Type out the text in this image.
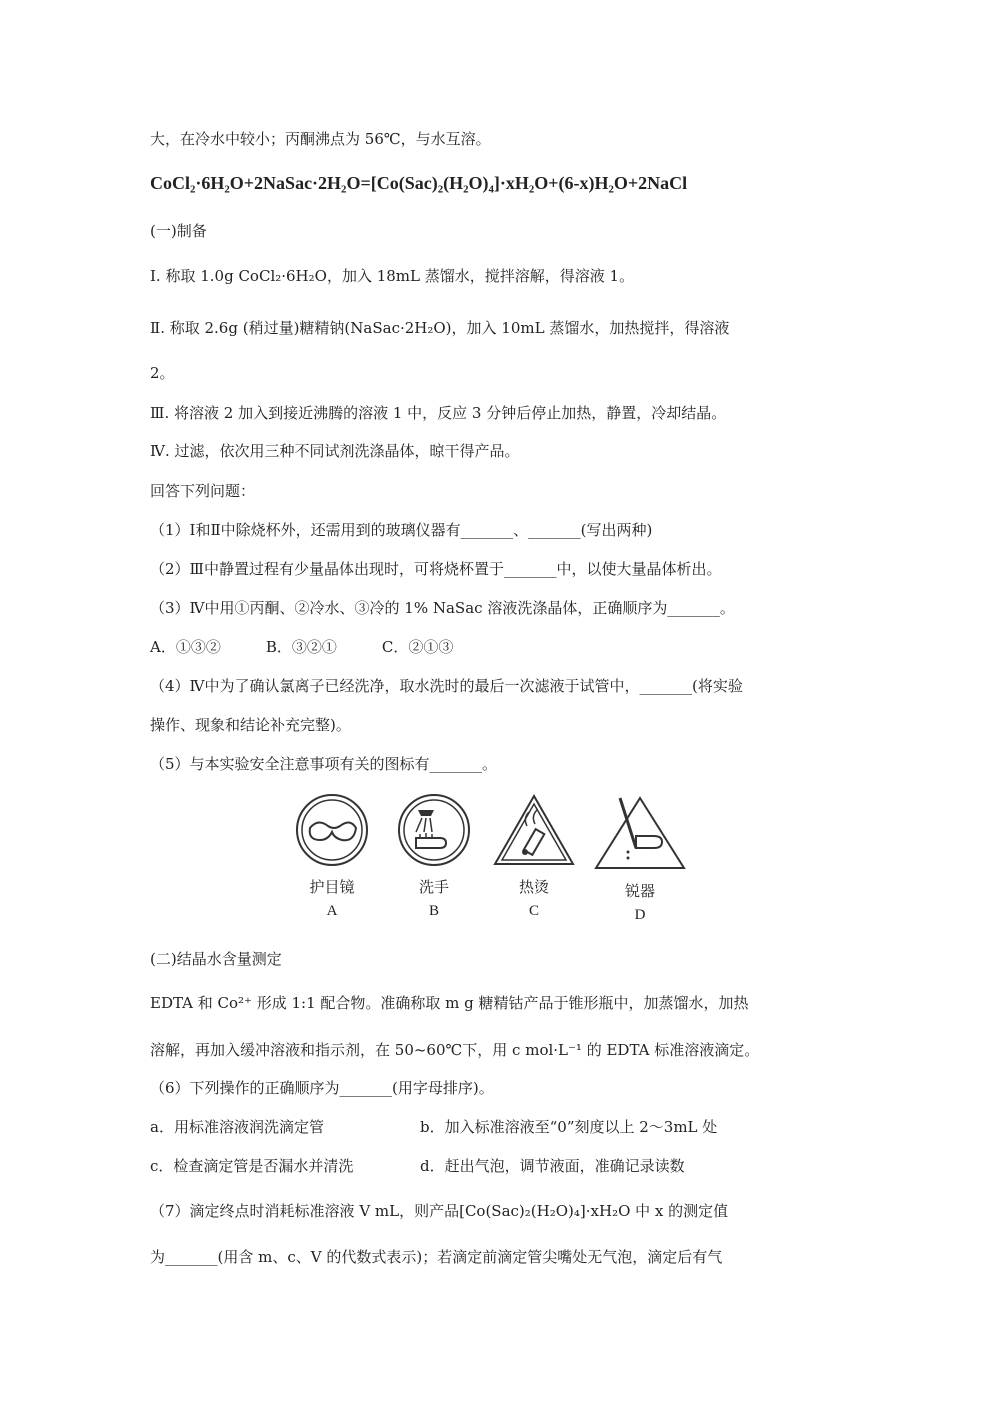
大，在冷水中较小；丙酮沸点为 56℃，与水互溶。
CoCl₂·6H₂O+2NaSac·2H₂O=[Co(Sac)₂(H₂O)₄]·xH₂O+(6-x)H₂O+2NaCl
(一)制备
Ⅰ. 称取 1.0g CoCl₂·6H₂O，加入 18mL 蒸馏水，搅拌溶解，得溶液 1。
Ⅱ. 称取 2.6g (稍过量)糖精钠(NaSac·2H₂O)，加入 10mL 蒸馏水，加热搅拌，得溶液
2。
Ⅲ. 将溶液 2 加入到接近沸腾的溶液 1 中，反应 3 分钟后停止加热，静置，冷却结晶。
Ⅳ. 过滤，依次用三种不同试剂洗涤晶体，晾干得产品。
回答下列问题：
（1）Ⅰ和Ⅱ中除烧杯外，还需用到的玻璃仪器有_______、_______(写出两种)
（2）Ⅲ中静置过程有少量晶体出现时，可将烧杯置于_______中，以使大量晶体析出。
（3）Ⅳ中用①丙酮、②冷水、③冷的 1% NaSac 溶液洗涤晶体，正确顺序为_______。
A．①③②　　　B．③②①　　　C．②①③
（4）Ⅳ中为了确认氯离子已经洗净，取水洗时的最后一次滤液于试管中，_______(将实验
操作、现象和结论补充完整)。
（5）与本实验安全注意事项有关的图标有_______。
护目镜
A
洗手
B
热烫
C
锐器
D
(二)结晶水含量测定
EDTA 和 Co²⁺ 形成 1:1 配合物。准确称取 m g 糖精钴产品于锥形瓶中，加蒸馏水，加热
溶解，再加入缓冲溶液和指示剂，在 50~60℃下，用 c mol·L⁻¹ 的 EDTA 标准溶液滴定。
（6）下列操作的正确顺序为_______(用字母排序)。
a．用标准溶液润洗滴定管	b．加入标准溶液至“0”刻度以上 2～3mL 处
c．检查滴定管是否漏水并清洗	d．赶出气泡，调节液面，准确记录读数
（7）滴定终点时消耗标准溶液 V mL，则产品[Co(Sac)₂(H₂O)₄]·xH₂O 中 x 的测定值
为_______(用含 m、c、V 的代数式表示)；若滴定前滴定管尖嘴处无气泡，滴定后有气
